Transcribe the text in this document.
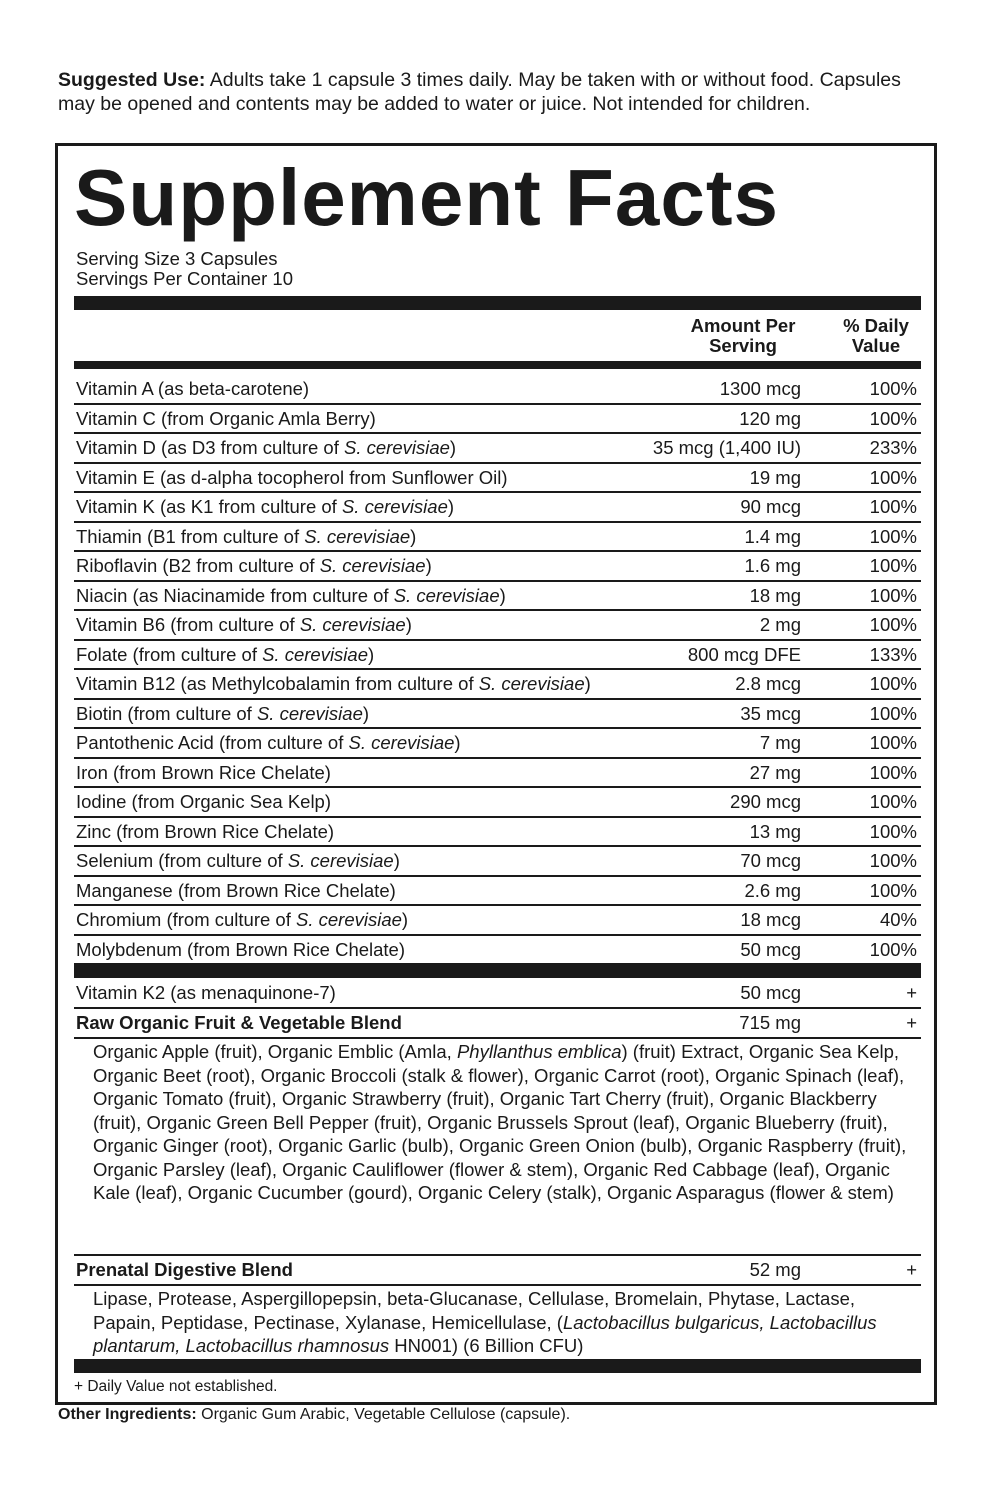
Suggested Use: Adults take 1 capsule 3 times daily. May be taken with or without food. Capsules may be opened and contents may be added to water or juice. Not intended for children.
Supplement Facts
Serving Size 3 Capsules
Servings Per Container 10
Amount Per
Serving
% Daily
Value
Vitamin A (as beta-carotene)	1300 mcg	100%
Vitamin C (from Organic Amla Berry)	120 mg	100%
Vitamin D (as D3 from culture of S. cerevisiae)	35 mcg (1,400 IU)	233%
Vitamin E (as d-alpha tocopherol from Sunflower Oil)	19 mg	100%
Vitamin K (as K1 from culture of S. cerevisiae)	90 mcg	100%
Thiamin (B1 from culture of S. cerevisiae)	1.4 mg	100%
Riboflavin (B2 from culture of S. cerevisiae)	1.6 mg	100%
Niacin (as Niacinamide from culture of S. cerevisiae)	18 mg	100%
Vitamin B6 (from culture of S. cerevisiae)	2 mg	100%
Folate (from culture of S. cerevisiae)	800 mcg DFE	133%
Vitamin B12 (as Methylcobalamin from culture of S. cerevisiae)	2.8 mcg	100%
Biotin (from culture of S. cerevisiae)	35 mcg	100%
Pantothenic Acid (from culture of S. cerevisiae)	7 mg	100%
Iron (from Brown Rice Chelate)	27 mg	100%
Iodine (from Organic Sea Kelp)	290 mcg	100%
Zinc (from Brown Rice Chelate)	13 mg	100%
Selenium (from culture of S. cerevisiae)	70 mcg	100%
Manganese (from Brown Rice Chelate)	2.6 mg	100%
Chromium (from culture of S. cerevisiae)	18 mcg	40%
Molybdenum (from Brown Rice Chelate)	50 mcg	100%
Vitamin K2 (as menaquinone-7)	50 mcg	+
Raw Organic Fruit & Vegetable Blend	715 mg	+
Organic Apple (fruit), Organic Emblic (Amla, Phyllanthus emblica) (fruit) Extract, Organic Sea Kelp, Organic Beet (root), Organic Broccoli (stalk & flower), Organic Carrot (root), Organic Spinach (leaf), Organic Tomato (fruit), Organic Strawberry (fruit), Organic Tart Cherry (fruit), Organic Blackberry (fruit), Organic Green Bell Pepper (fruit), Organic Brussels Sprout (leaf), Organic Blueberry (fruit), Organic Ginger (root), Organic Garlic (bulb), Organic Green Onion (bulb), Organic Raspberry (fruit), Organic Parsley (leaf), Organic Cauliflower (flower & stem), Organic Red Cabbage (leaf), Organic Kale (leaf), Organic Cucumber (gourd), Organic Celery (stalk), Organic Asparagus (flower & stem)
Prenatal Digestive Blend	52 mg	+
Lipase, Protease, Aspergillopepsin, beta-Glucanase, Cellulase, Bromelain, Phytase, Lactase, Papain, Peptidase, Pectinase, Xylanase, Hemicellulase, (Lactobacillus bulgaricus, Lactobacillus plantarum, Lactobacillus rhamnosus HN001) (6 Billion CFU)
+ Daily Value not established.
Other Ingredients: Organic Gum Arabic, Vegetable Cellulose (capsule).
